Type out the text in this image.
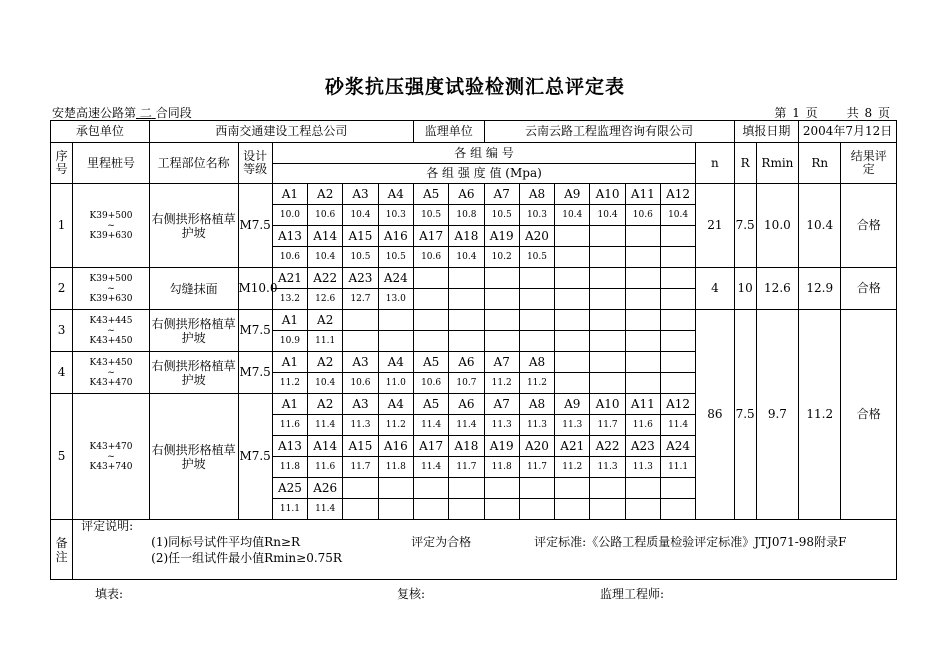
砂浆抗压强度试验检测汇总评定表
安楚高速公路第 二 合同段	第 1 页 共 8 页
承包单位		西南交通建设工程总公司						监理单位		云南云路工程监理咨询有限公司							填报日期		2004年7月12日	

序号	里程桩号	工程部位名称	设计等级	各 组 编 号												n	R	Rmin	Rn	结果评定

				各 组 强 度 值 (Mpa)																
1	K39+500
~
K39+630	右侧拱形格植草护坡	M7.5	A1	A2	A3	A4	A5	A6	A7	A8	A9	A10	A11	A12	21	7.5	10.0	10.4	合格
				10.0	10.6	10.4	10.3	10.5	10.8	10.5	10.3	10.4	10.4	10.6	10.4					
				A13	A14	A15	A16	A17	A18	A19	A20									
				10.6	10.4	10.5	10.5	10.6	10.4	10.2	10.5									
2	K39+500
~
K39+630	勾缝抹面	M10.0	A21	A22	A23	A24									4	10	12.6	12.9	合格
				13.2	12.6	12.7	13.0													
3	K43+445
~
K43+450	右侧拱形格植草护坡	M7.5	A1	A2											86	7.5	9.7	11.2	合格
				10.9	11.1															
4	K43+450
~
K43+470	右侧拱形格植草护坡	M7.5	A1	A2	A3	A4	A5	A6	A7	A8									
				11.2	10.4	10.6	11.0	10.6	10.7	11.2	11.2									
5	K43+470
~
K43+740	右侧拱形格植草护坡	M7.5	A1	A2	A3	A4	A5	A6	A7	A8	A9	A10	A11	A12					
				11.6	11.4	11.3	11.2	11.4	11.4	11.3	11.3	11.3	11.7	11.6	11.4					
				A13	A14	A15	A16	A17	A18	A19	A20	A21	A22	A23	A24					
				11.8	11.6	11.7	11.8	11.4	11.7	11.8	11.7	11.2	11.3	11.3	11.1					
				A25	A26															
				11.1	11.4															

备注	评定说明:
(1)同标号试件平均值Rn≥R 评定为合格 评定标准:《公路工程质量检验评定标准》JTJ071-98附录F
(2)任一组试件最小值Rmin≥0.75R																			
填表:	复核:	监理工程师:
